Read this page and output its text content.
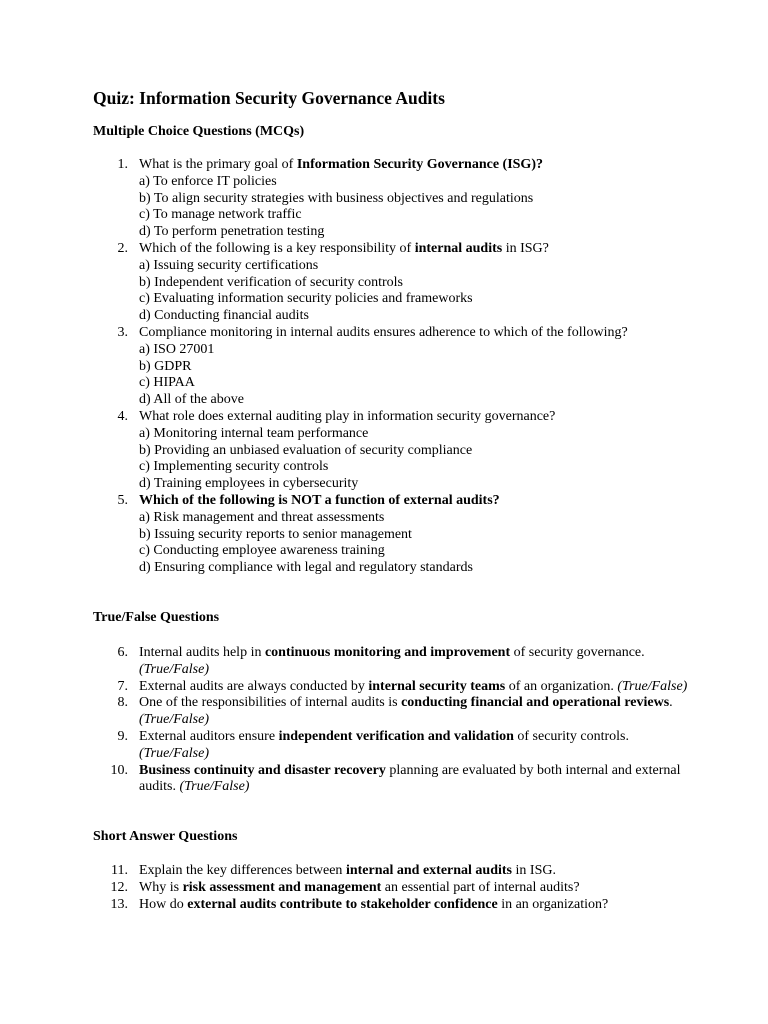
Quiz: Information Security Governance Audits
Multiple Choice Questions (MCQs)
1. What is the primary goal of Information Security Governance (ISG)?
a) To enforce IT policies
b) To align security strategies with business objectives and regulations
c) To manage network traffic
d) To perform penetration testing
2. Which of the following is a key responsibility of internal audits in ISG?
a) Issuing security certifications
b) Independent verification of security controls
c) Evaluating information security policies and frameworks
d) Conducting financial audits
3. Compliance monitoring in internal audits ensures adherence to which of the following?
a) ISO 27001
b) GDPR
c) HIPAA
d) All of the above
4. What role does external auditing play in information security governance?
a) Monitoring internal team performance
b) Providing an unbiased evaluation of security compliance
c) Implementing security controls
d) Training employees in cybersecurity
5. Which of the following is NOT a function of external audits?
a) Risk management and threat assessments
b) Issuing security reports to senior management
c) Conducting employee awareness training
d) Ensuring compliance with legal and regulatory standards
True/False Questions
6. Internal audits help in continuous monitoring and improvement of security governance. (True/False)
7. External audits are always conducted by internal security teams of an organization. (True/False)
8. One of the responsibilities of internal audits is conducting financial and operational reviews. (True/False)
9. External auditors ensure independent verification and validation of security controls. (True/False)
10. Business continuity and disaster recovery planning are evaluated by both internal and external audits. (True/False)
Short Answer Questions
11. Explain the key differences between internal and external audits in ISG.
12. Why is risk assessment and management an essential part of internal audits?
13. How do external audits contribute to stakeholder confidence in an organization?
